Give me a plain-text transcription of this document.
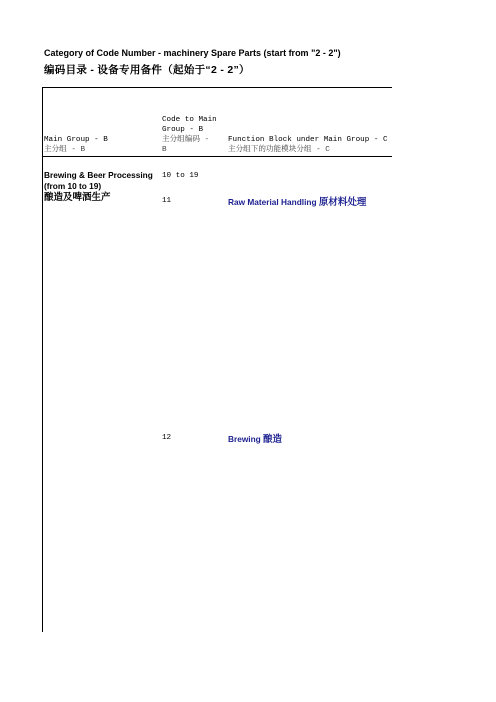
Category of Code Number - machinery Spare Parts (start from "2 - 2")
编码目录 - 设备专用备件（起始于“2 - 2”）
Main Group - B
主分组 - B
Code to Main
Group - B
主分组编码 -
B
Function Block under Main Group - C
主分组下的功能模块分组 - C
Brewing & Beer Processing
(from 10 to 19)
酿造及啤酒生产
10 to 19
11	Raw Material Handling 原材料处理
12	Brewing 酿造
